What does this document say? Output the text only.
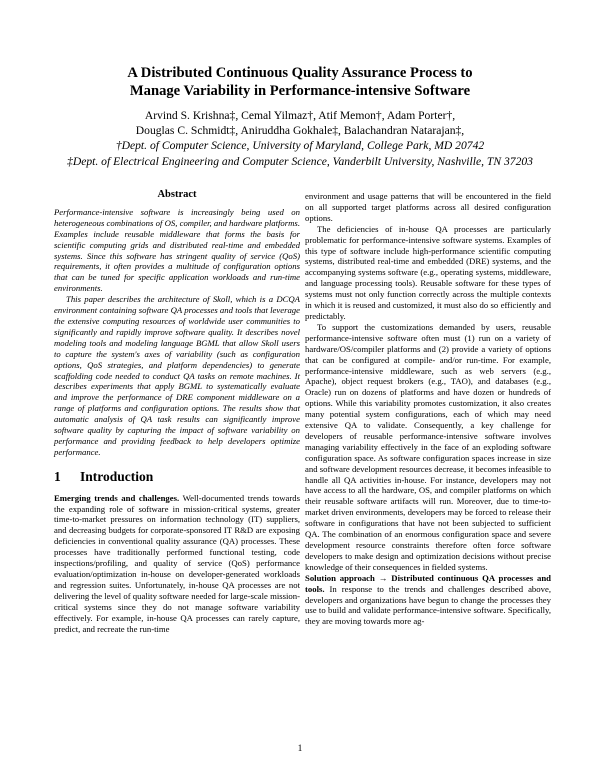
A Distributed Continuous Quality Assurance Process to
Manage Variability in Performance-intensive Software
Arvind S. Krishna‡, Cemal Yilmaz†, Atif Memon†, Adam Porter†,
Douglas C. Schmidt‡, Aniruddha Gokhale‡, Balachandran Natarajan‡,
†Dept. of Computer Science, University of Maryland, College Park, MD 20742
‡Dept. of Electrical Engineering and Computer Science, Vanderbilt University, Nashville, TN 37203
Abstract

Performance-intensive software is increasingly being used on heterogeneous combinations of OS, compiler, and hardware platforms. Examples include reusable middleware that forms the basis for scientific computing grids and distributed real-time and embedded systems. Since this software has stringent quality of service (QoS) requirements, it often provides a multitude of configuration options that can be tuned for specific application workloads and run-time environments.

This paper describes the architecture of Skoll, which is a DCQA environment containing software QA processes and tools that leverage the extensive computing resources of worldwide user communities to significantly and rapidly improve software quality. It describes novel modeling tools and modeling language BGML that allow Skoll users to capture the system's axes of variability (such as configuration options, QoS strategies, and platform dependencies) to generate scaffolding code needed to conduct QA tasks on remote machines. It describes experiments that apply BGML to systematically evaluate and improve the performance of DRE component middleware on a range of platforms and configuration options. The results show that automatic analysis of QA task results can significantly improve software quality by capturing the impact of software variability on performance and providing feedback to help developers optimize performance.

1 Introduction

Emerging trends and challenges. Well-documented trends towards the expanding role of software in mission-critical systems, greater time-to-market pressures on information technology (IT) suppliers, and decreasing budgets for corporate-sponsored IT R&D are exposing deficiencies in conventional quality assurance (QA) processes. These processes have traditionally performed functional testing, code inspections/profiling, and quality of service (QoS) performance evaluation/optimization in-house on developer-generated workloads and regression suites. Unfortunately, in-house QA processes are not delivering the level of quality software needed for large-scale mission-critical systems since they do not manage software variability effectively. For example, in-house QA processes can rarely capture, predict, and recreate the run-time

environment and usage patterns that will be encountered in the field on all supported target platforms across all desired configuration options.

The deficiencies of in-house QA processes are particularly problematic for performance-intensive software systems. Examples of this type of software include high-performance scientific computing systems, distributed real-time and embedded (DRE) systems, and the accompanying systems software (e.g., operating systems, middleware, and language processing tools). Reusable software for these types of systems must not only function correctly across the multiple contexts in which it is reused and customized, it must also do so efficiently and predictably.

To support the customizations demanded by users, reusable performance-intensive software often must (1) run on a variety of hardware/OS/compiler platforms and (2) provide a variety of options that can be configured at compile- and/or run-time. For example, performance-intensive middleware, such as web servers (e.g., Apache), object request brokers (e.g., TAO), and databases (e.g., Oracle) run on dozens of platforms and have dozen or hundreds of options. While this variability promotes customization, it also creates many potential system configurations, each of which may need extensive QA to validate. Consequently, a key challenge for developers of reusable performance-intensive software involves managing variability effectively in the face of an exploding software configuration space. As software configuration spaces increase in size and software development resources decrease, it becomes infeasible to handle all QA activities in-house. For instance, developers may not have access to all the hardware, OS, and compiler platforms on which their reusable software artifacts will run. Moreover, due to time-to-market driven environments, developers may be forced to release their software in configurations that have not been subjected to sufficient QA. The combination of an enormous configuration space and severe development resource constraints therefore often force software developers to make design and optimization decisions without precise knowledge of their consequences in fielded systems.

Solution approach → Distributed continuous QA processes and tools. In response to the trends and challenges described above, developers and organizations have begun to change the processes they use to build and validate performance-intensive software. Specifically, they are moving towards more ag-

1
